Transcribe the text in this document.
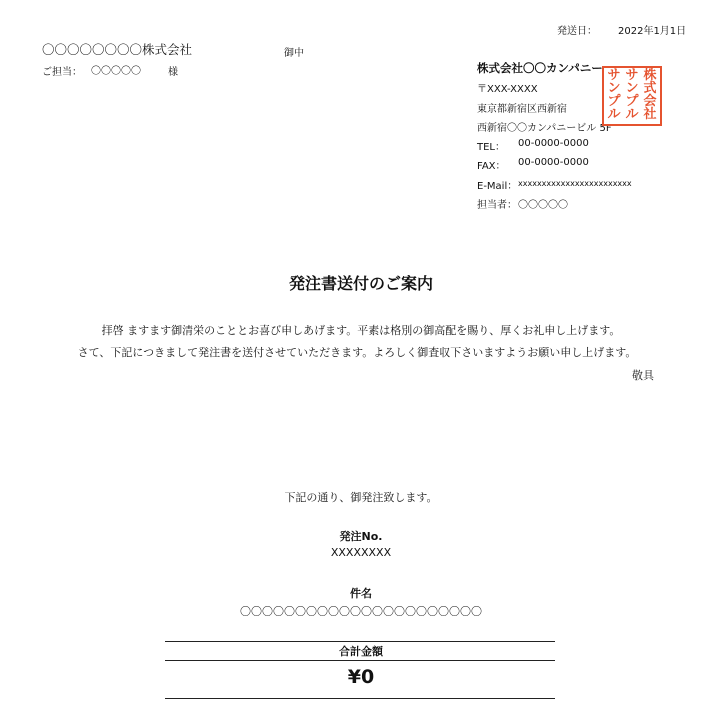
発送日： 2022年1月1日
〇〇〇〇〇〇〇〇株式会社	御中
ご担当： 〇〇〇〇〇	様	株式会社〇〇カンパニー
〒XXX-XXXX
東京都新宿区西新宿
西新宿〇〇カンパニービル 5F
TEL： 00-0000-0000
FAX： 00-0000-0000
E-Mail： xxxxxxxxxxxxxxxxxxxxxxxx
担当者： 〇〇〇〇〇
株
式
会
社
サ
ン
プ
ル
サ
ン
プ
ル
発注書送付のご案内
拝啓 ますます御清栄のこととお喜び申しあげます。平素は格別の御高配を賜り、厚くお礼申し上げます。
さて、下記につきまして発注書を送付させていただきます。よろしく御査収下さいますようお願い申し上げます。
敬具
下記の通り、御発注致します。
発注No.
XXXXXXXX
件名
〇〇〇〇〇〇〇〇〇〇〇〇〇〇〇〇〇〇〇〇〇〇
合計金額
¥0
